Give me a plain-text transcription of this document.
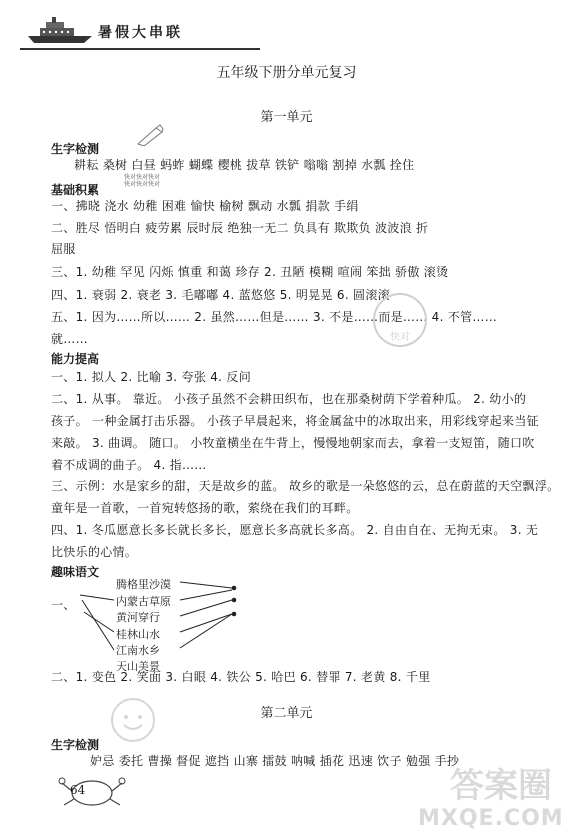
暑假大串联
五年级下册分单元复习
第一单元
生字检测
耕耘 桑树 白昼 蚂蚱 蝴蝶 樱桃 拔草 铁铲 嗡嗡 割掉 水瓢 拴住
快对快对快对
快对快对快对
基础积累
一、拂晓 浇水 幼稚 困难 愉快 榆树 飘动 水瓢 捐款 手绢
二、胜尽 悟明白 疲劳累 辰时辰 绝独一无二 负具有 欺欺负 波波浪 折
屈服
三、1. 幼稚 罕见 闪烁 慎重 和蔼 珍存 2. 丑陋 模糊 喧闹 笨拙 骄傲 滚烫
四、1. 衰弱 2. 衰老 3. 毛嘟嘟 4. 蓝悠悠 5. 明晃晃 6. 圆滚滚
五、1. 因为……所以…… 2. 虽然……但是…… 3. 不是……而是…… 4. 不管……
就……	快对
能力提高
一、1. 拟人 2. 比喻 3. 夸张 4. 反问
二、1. 从事。 靠近。 小孩子虽然不会耕田织布，也在那桑树荫下学着种瓜。 2. 幼小的
孩子。 一种金属打击乐器。 小孩子早晨起来，将金属盆中的冰取出来，用彩线穿起来当钲
来敲。 3. 曲调。 随口。 小牧童横坐在牛背上，慢慢地朝家而去，拿着一支短笛，随口吹
着不成调的曲子。 4. 指……
三、示例：水是家乡的甜，天是故乡的蓝。 故乡的歌是一朵悠悠的云，总在蔚蓝的天空飘浮。
童年是一首歌，一首宛转悠扬的歌，萦绕在我们的耳畔。
四、1. 冬瓜愿意长多长就长多长，愿意长多高就长多高。 2. 自由自在、无拘无束。 3. 无
比快乐的心情。
趣味语文
一、
腾格里沙漠
内蒙古草原
黄河穿行
桂林山水
江南水乡
天山美景
二、1. 变色 2. 笑面 3. 白眼 4. 铁公 5. 哈巴 6. 替罪 7. 老黄 8. 千里
第二单元
生字检测
妒忌 委托 曹操 督促 遮挡 山寨 擂鼓 呐喊 插花 迅速 饮子 勉强 手抄
64	答案圈
MXQE.COM
